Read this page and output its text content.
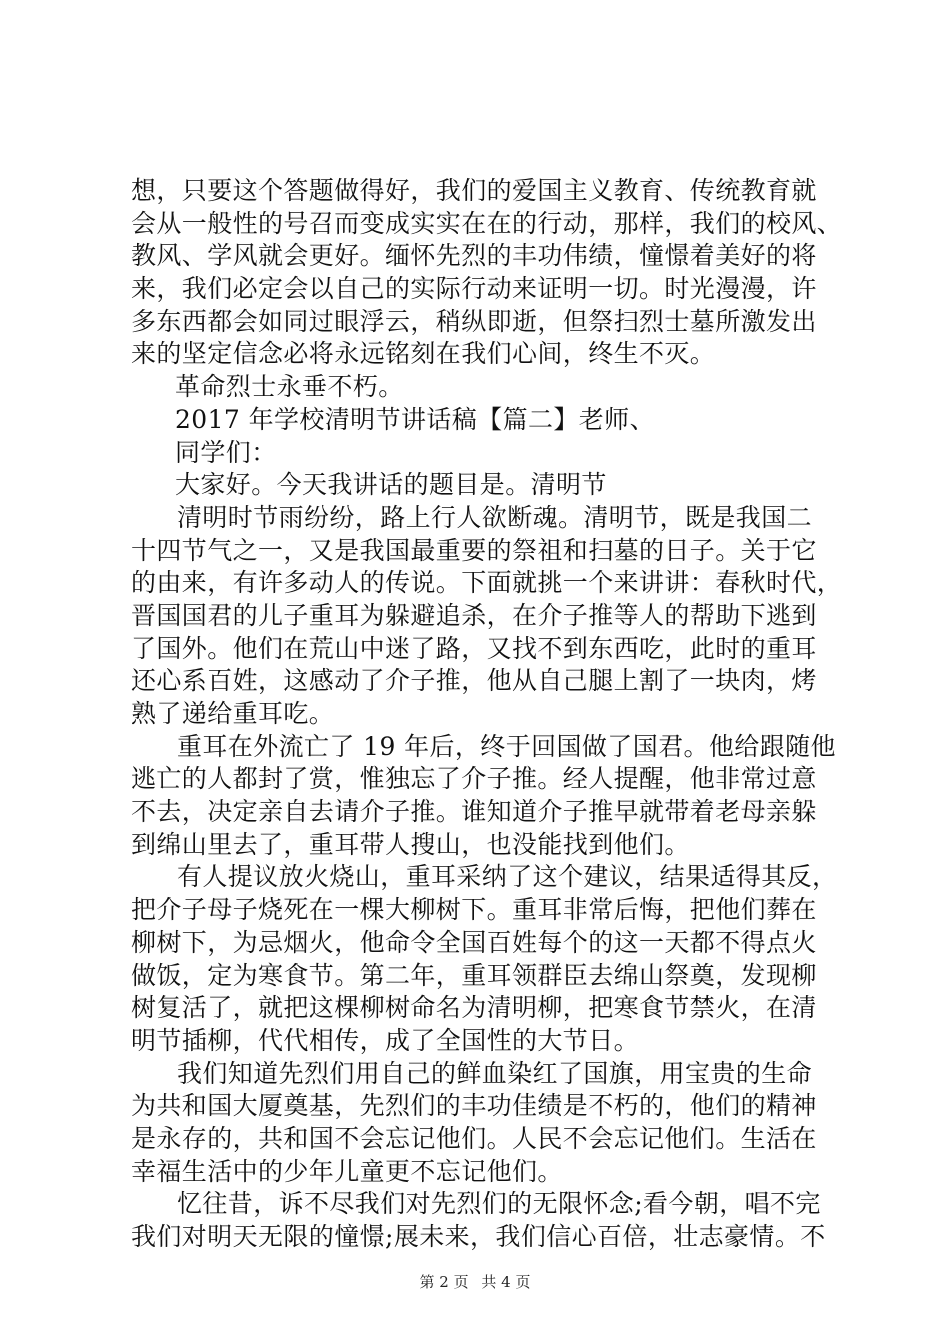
想，只要这个答题做得好，我们的爱国主义教育、传统教育就
会从一般性的号召而变成实实在在的行动，那样，我们的校风、
教风、学风就会更好。缅怀先烈的丰功伟绩，憧憬着美好的将
来，我们必定会以自己的实际行动来证明一切。时光漫漫，许
多东西都会如同过眼浮云，稍纵即逝，但祭扫烈士墓所激发出
来的坚定信念必将永远铭刻在我们心间，终生不灭。
革命烈士永垂不朽。
2017 年学校清明节讲话稿【篇二】老师、
同学们：
大家好。今天我讲话的题目是。清明节
清明时节雨纷纷，路上行人欲断魂。清明节，既是我国二
十四节气之一，又是我国最重要的祭祖和扫墓的日子。关于它
的由来，有许多动人的传说。下面就挑一个来讲讲：春秋时代，
晋国国君的儿子重耳为躲避追杀，在介子推等人的帮助下逃到
了国外。他们在荒山中迷了路，又找不到东西吃，此时的重耳
还心系百姓，这感动了介子推，他从自己腿上割了一块肉，烤
熟了递给重耳吃。
重耳在外流亡了 19 年后，终于回国做了国君。他给跟随他
逃亡的人都封了赏，惟独忘了介子推。经人提醒，他非常过意
不去，决定亲自去请介子推。谁知道介子推早就带着老母亲躲
到绵山里去了，重耳带人搜山，也没能找到他们。
有人提议放火烧山，重耳采纳了这个建议，结果适得其反，
把介子母子烧死在一棵大柳树下。重耳非常后悔，把他们葬在
柳树下，为忌烟火，他命令全国百姓每个的这一天都不得点火
做饭，定为寒食节。第二年，重耳领群臣去绵山祭奠，发现柳
树复活了，就把这棵柳树命名为清明柳，把寒食节禁火，在清
明节插柳，代代相传，成了全国性的大节日。
我们知道先烈们用自己的鲜血染红了国旗，用宝贵的生命
为共和国大厦奠基，先烈们的丰功佳绩是不朽的，他们的精神
是永存的，共和国不会忘记他们。人民不会忘记他们。生活在
幸福生活中的少年儿童更不忘记他们。
忆往昔，诉不尽我们对先烈们的无限怀念;看今朝，唱不完
我们对明天无限的憧憬;展未来，我们信心百倍，壮志豪情。不
第 2 页 共 4 页
